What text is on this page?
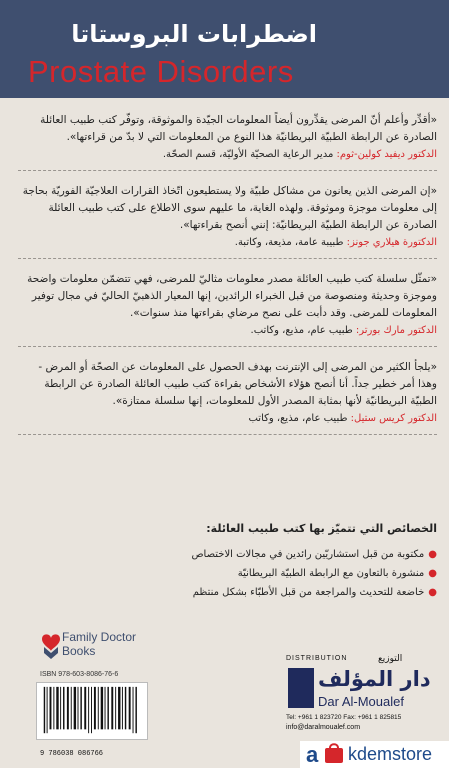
اضطرابات البروستاتا
Prostate Disorders
«أقدِّر وأعلم أنّ المرضى يقدِّرون أيضاً المعلومات الجيّدة والموثوقة، وتوفّر كتب طبيب العائلة الصادرة عن الرابطة الطبيّة البريطانيّة هذا النوع من المعلومات التي لا بدّ من قراءتها».
الدكتور ديفيد كولين-ثوم: مدير الرعاية الصحيّة الأوليّة، قسم الصحّة.
«إن المرضى الذين يعانون من مشاكل طبيّة ولا يستطيعون اتّخاذ القرارات العلاجيّة الفوريّة بحاجة إلى معلومات موجزة وموثوقة. ولهذه الغاية، ما عليهم سوى الاطلاع على كتب طبيب العائلة الصادرة عن الرابطة الطبيّة البريطانيّة: إنني أنصح بقراءتها».
الدكتورة هيلاري جونز: طبيبة عامة، مذيعة، وكاتبة.
«تمثّل سلسلة كتب طبيب العائلة مصدر معلومات مثاليّ للمرضى، فهي تتضمّن معلومات واضحة وموجزة وحديثة ومنصوصة من قبل الخبراء الرائدين، إنها المعيار الذهبيّ الحاليّ في مجال توفير المعلومات للمرضى. وقد دأبت على نصح مرضاي بقراءتها منذ سنوات».
الدكتور مارك بورتر: طبيب عام، مذيع، وكاتب.
«يلجأ الكثير من المرضى إلى الإنترنت بهدف الحصول على المعلومات عن الصحّة أو المرض - وهذا أمر خطير جداً. أنا أنصح هؤلاء الأشخاص بقراءة كتب طبيب العائلة الصادرة عن الرابطة الطبيّة البريطانيّة لأنها بمثابة المصدر الأول للمعلومات، إنها سلسلة ممتازة».
الدكتور كريس ستيل: طبيب عام، مذيع، وكاتب
الخصائص التي تتميّز بها كتب طبيب العائلة:
●مكتوبة من قبل استشاريّين رائدين في مجالات الاختصاص
●منشورة بالتعاون مع الرابطة الطبيّة البريطانيّة
●خاضعة للتحديث والمراجعة من قبل الأطبّاء بشكل منتظم
Family Doctor
Books
ISBN 978-603-8086-76-6
9 786038 086766
DISTRIBUTION	التوزيع
دار المؤلف
Dar Al-Moualef
Tel: +961 1 823720 Fax: +961 1 825815
info@daralmoualef.com
a kdemstore
